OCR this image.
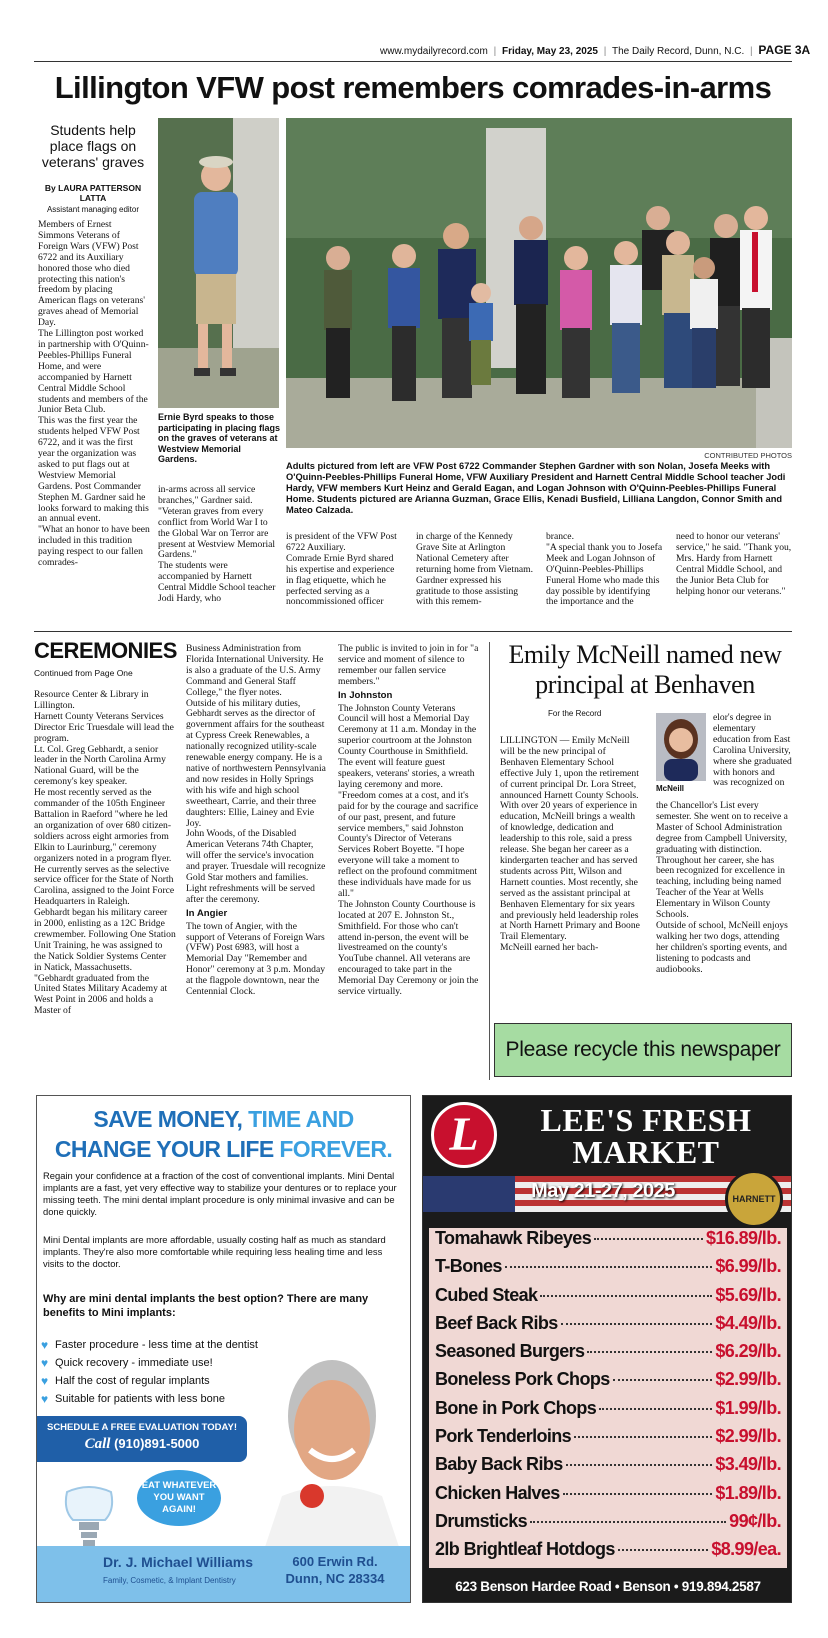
www.mydailyrecord.com | Friday, May 23, 2025 | The Daily Record, Dunn, N.C. | PAGE 3A
Lillington VFW post remembers comrades-in-arms
Students help place flags on veterans' graves
By LAURA PATTERSON LATTA
Assistant managing editor

Members of Ernest Simmons Veterans of Foreign Wars (VFW) Post 6722 and its Auxiliary honored those who died protecting this nation's freedom by placing American flags on veterans' graves ahead of Memorial Day.
The Lillington post worked in partnership with O'Quinn-Peebles-Phillips Funeral Home, and were accompanied by Harnett Central Middle School students and members of the Junior Beta Club.
This was the first year the students helped VFW Post 6722, and it was the first year the organization was asked to put flags out at Westview Memorial Gardens. Post Commander Stephen M. Gardner said he looks forward to making this an annual event.
"What an honor to have been included in this tradition paying respect to our fallen comrades-

Ernie Byrd speaks to those participating in placing flags on the graves of veterans at Westview Memorial Gardens.

in-arms across all service branches," Gardner said. "Veteran graves from every conflict from World War I to the Global War on Terror are present at Westview Memorial Gardens."
The students were accompanied by Harnett Central Middle School teacher Jodi Hardy, who

CONTRIBUTED PHOTOS
Adults pictured from left are VFW Post 6722 Commander Stephen Gardner with son Nolan, Josefa Meeks with O'Quinn-Peebles-Phillips Funeral Home, VFW Auxiliary President and Harnett Central Middle School teacher Jodi Hardy, VFW members Kurt Heinz and Gerald Eagan, and Logan Johnson with O'Quinn-Peebles-Phillips Funeral Home. Students pictured are Arianna Guzman, Grace Ellis, Kenadi Busfield, Lilliana Langdon, Connor Smith and Mateo Calzada.

is president of the VFW Post 6722 Auxiliary.
Comrade Ernie Byrd shared his expertise and experience in flag etiquette, which he perfected serving as a noncommissioned officer

in charge of the Kennedy Grave Site at Arlington National Cemetery after returning home from Vietnam.
Gardner expressed his gratitude to those assisting with this remem-

brance.
"A special thank you to Josefa Meek and Logan Johnson of O'Quinn-Peebles-Phillips Funeral Home who made this day possible by identifying the importance and the

need to honor our veterans' service," he said. "Thank you, Mrs. Hardy from Harnett Central Middle School, and the Junior Beta Club for helping honor our veterans."

CEREMONIES
Continued from Page One

Resource Center & Library in Lillington.
Harnett County Veterans Services Director Eric Truesdale will lead the program.
Lt. Col. Greg Gebhardt, a senior leader in the North Carolina Army National Guard, will be the ceremony's key speaker.
He most recently served as the commander of the 105th Engineer Battalion in Raeford "where he led an organization of over 680 citizen-soldiers across eight armories from Elkin to Laurinburg," ceremony organizers noted in a program flyer. He currently serves as the selective service officer for the State of North Carolina, assigned to the Joint Force Headquarters in Raleigh.
Gebhardt began his military career in 2000, enlisting as a 12C Bridge crewmember. Following One Station Unit Training, he was assigned to the Natick Soldier Systems Center in Natick, Massachusetts.
"Gebhardt graduated from the United States Military Academy at West Point in 2006 and holds a Master of

Business Administration from Florida International University. He is also a graduate of the U.S. Army Command and General Staff College," the flyer notes.
Outside of his military duties, Gebhardt serves as the director of government affairs for the southeast at Cypress Creek Renewables, a nationally recognized utility-scale renewable energy company. He is a native of northwestern Pennsylvania and now resides in Holly Springs with his wife and high school sweetheart, Carrie, and their three daughters: Ellie, Lainey and Evie Joy.
John Woods, of the Disabled American Veterans 74th Chapter, will offer the service's invocation and prayer. Truesdale will recognize Gold Star mothers and families.
Light refreshments will be served after the ceremony.

In Angier

The town of Angier, with the support of Veterans of Foreign Wars (VFW) Post 6983, will host a Memorial Day "Remember and Honor" ceremony at 3 p.m. Monday at the flagpole downtown, near the Centennial Clock.

The public is invited to join in for "a service and moment of silence to remember our fallen service members."

In Johnston

The Johnston County Veterans Council will host a Memorial Day Ceremony at 11 a.m. Monday in the superior courtroom at the Johnston County Courthouse in Smithfield. The event will feature guest speakers, veterans' stories, a wreath laying ceremony and more.
"Freedom comes at a cost, and it's paid for by the courage and sacrifice of our past, present, and future service members," said Johnston County's Director of Veterans Services Robert Boyette. "I hope everyone will take a moment to reflect on the profound commitment these individuals have made for us all."
The Johnston County Courthouse is located at 207 E. Johnston St., Smithfield. For those who can't attend in-person, the event will be livestreamed on the county's YouTube channel. All veterans are encouraged to take part in the Memorial Day Ceremony or join the service virtually.

Emily McNeill named new principal at Benhaven
For the Record

LILLINGTON — Emily McNeill will be the new principal of Benhaven Elementary School effective July 1, upon the retirement of current principal Dr. Lora Street, announced Harnett County Schools.
With over 20 years of experience in education, McNeill brings a wealth of knowledge, dedication and leadership to this role, said a press release. She began her career as a kindergarten teacher and has served students across Pitt, Wilson and Harnett counties. Most recently, she served as the assistant principal at Benhaven Elementary for six years and previously held leadership roles at North Harnett Primary and Boone Trail Elementary.
McNeill earned her bach-

McNeill

elor's degree in elementary education from East Carolina University, where she graduated with honors and was recognized on

the Chancellor's List every semester. She went on to receive a Master of School Administration degree from Campbell University, graduating with distinction.
Throughout her career, she has been recognized for excellence in teaching, including being named Teacher of the Year at Wells Elementary in Wilson County Schools.
Outside of school, McNeill enjoys walking her two dogs, attending her children's sporting events, and listening to podcasts and audiobooks.

Please recycle this newspaper
SAVE MONEY, TIME AND
CHANGE YOUR LIFE FOREVER.
Regain your confidence at a fraction of the cost of conventional implants. Mini Dental implants are a fast, yet very effective way to stabilize your dentures or to replace your missing teeth. The mini dental implant procedure is only minimal invasive and can be done quickly.
Mini Dental implants are more affordable, usually costing half as much as standard implants. They're also more comfortable while requiring less healing time and less visits to the doctor.
Why are mini dental implants the best option? There are many benefits to Mini implants:
♥ Faster procedure - less time at the dentist
♥ Quick recovery - immediate use!
♥ Half the cost of regular implants
♥ Suitable for patients with less bone
SCHEDULE A FREE EVALUATION TODAY!
Call (910)891-5000
EAT WHATEVER YOU WANT AGAIN!
Dr. J. Michael Williams
Family, Cosmetic, & Implant Dentistry
600 Erwin Rd.
Dunn, NC 28334
L	LEE'S FRESH
MARKET
May 21-27, 2025	HARNETT
Tomahawk Ribeyes	$16.89/lb.
T-Bones	$6.99/lb.
Cubed Steak	$5.69/lb.
Beef Back Ribs	$4.49/lb.
Seasoned Burgers	$6.29/lb.
Boneless Pork Chops	$2.99/lb.
Bone in Pork Chops	$1.99/lb.
Pork Tenderloins	$2.99/lb.
Baby Back Ribs	$3.49/lb.
Chicken Halves	$1.89/lb.
Drumsticks	99¢/lb.
2lb Brightleaf Hotdogs	$8.99/ea.
623 Benson Hardee Road • Benson • 919.894.2587
